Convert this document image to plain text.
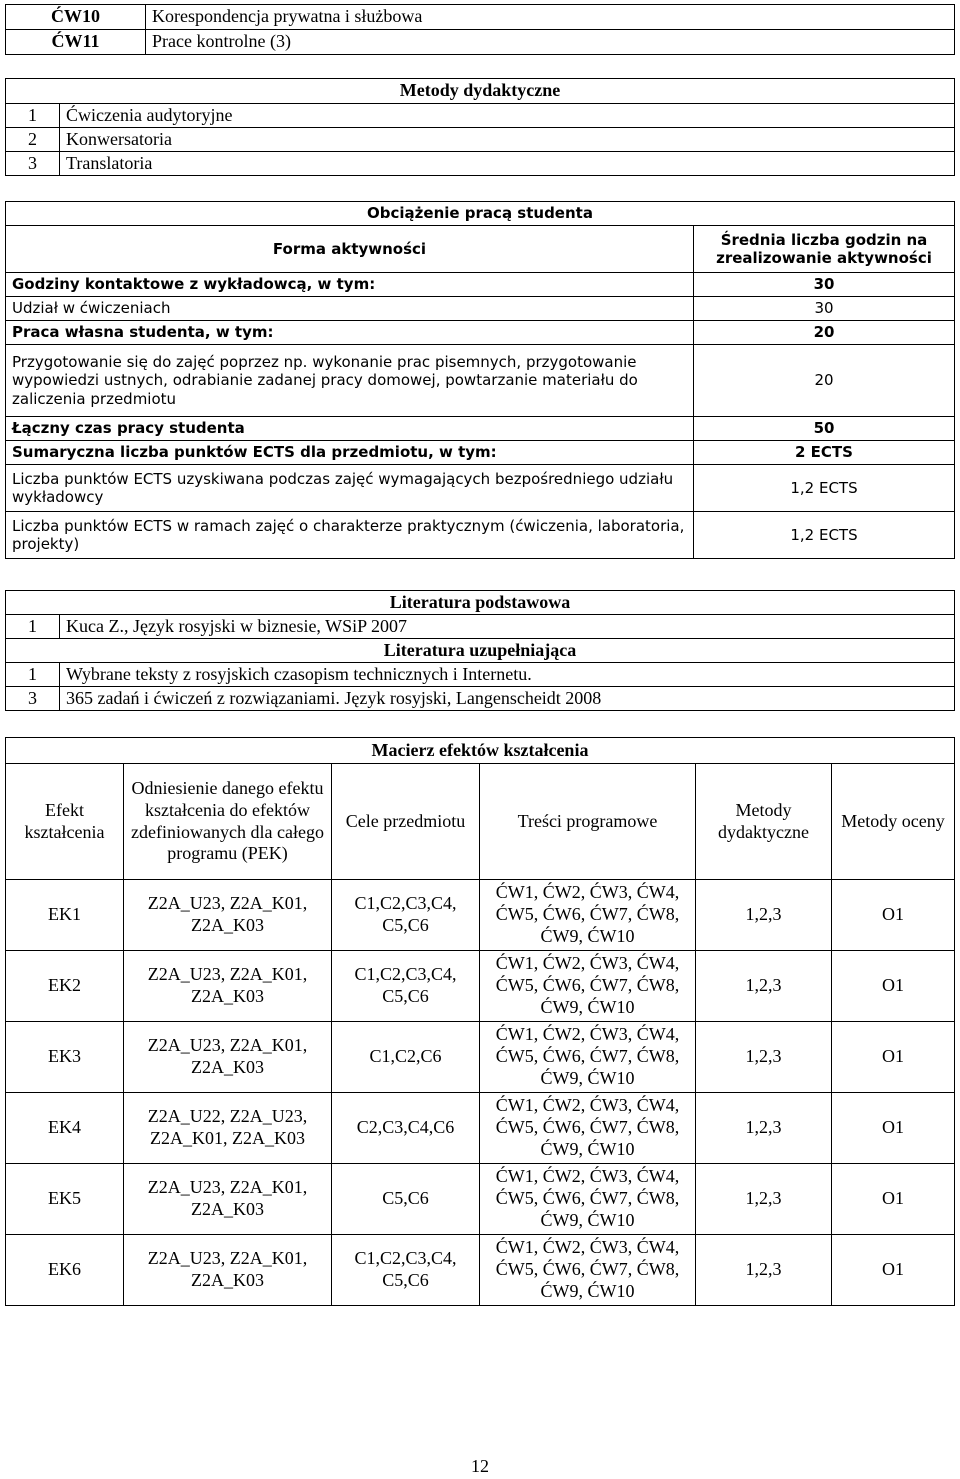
ĆW10	Korespondencja prywatna i służbowa
ĆW11	Prace kontrolne (3)
Metody dydaktyczne	
1	Ćwiczenia audytoryjne
2	Konwersatoria
3	Translatoria
Obciążenie pracą studenta	
Forma aktywności	Średnia liczba godzin na zrealizowanie aktywności
Godziny kontaktowe z wykładowcą, w tym:	30
Udział w ćwiczeniach	30
Praca własna studenta, w tym:	20
Przygotowanie się do zajęć poprzez np. wykonanie prac pisemnych, przygotowanie wypowiedzi ustnych, odrabianie zadanej pracy domowej, powtarzanie materiału do zaliczenia przedmiotu	20
Łączny czas pracy studenta	50
Sumaryczna liczba punktów ECTS dla przedmiotu, w tym:	2 ECTS
Liczba punktów ECTS uzyskiwana podczas zajęć wymagających bezpośredniego udziału wykładowcy	1,2 ECTS
Liczba punktów ECTS w ramach zajęć o charakterze praktycznym (ćwiczenia, laboratoria, projekty)	1,2 ECTS
Literatura podstawowa	
1	Kuca Z., Język rosyjski w biznesie, WSiP 2007
Literatura uzupełniająca	
1	Wybrane teksty z rosyjskich czasopism technicznych i Internetu.
3	365 zadań i ćwiczeń z rozwiązaniami. Język rosyjski, Langenscheidt 2008
Macierz efektów kształcenia					
Efekt kształcenia	Odniesienie danego efektu kształcenia do efektów zdefiniowanych dla całego programu (PEK)	Cele przedmiotu	Treści programowe	Metody dydaktyczne	Metody oceny
EK1	Z2A_U23, Z2A_K01, Z2A_K03	C1,C2,C3,C4, C5,C6	ĆW1, ĆW2, ĆW3, ĆW4, ĆW5, ĆW6, ĆW7, ĆW8, ĆW9, ĆW10	1,2,3	O1
EK2	Z2A_U23, Z2A_K01, Z2A_K03	C1,C2,C3,C4, C5,C6	ĆW1, ĆW2, ĆW3, ĆW4, ĆW5, ĆW6, ĆW7, ĆW8, ĆW9, ĆW10	1,2,3	O1
EK3	Z2A_U23, Z2A_K01, Z2A_K03	C1,C2,C6	ĆW1, ĆW2, ĆW3, ĆW4, ĆW5, ĆW6, ĆW7, ĆW8, ĆW9, ĆW10	1,2,3	O1
EK4	Z2A_U22, Z2A_U23, Z2A_K01, Z2A_K03	C2,C3,C4,C6	ĆW1, ĆW2, ĆW3, ĆW4, ĆW5, ĆW6, ĆW7, ĆW8, ĆW9, ĆW10	1,2,3	O1
EK5	Z2A_U23, Z2A_K01, Z2A_K03	C5,C6	ĆW1, ĆW2, ĆW3, ĆW4, ĆW5, ĆW6, ĆW7, ĆW8, ĆW9, ĆW10	1,2,3	O1
EK6	Z2A_U23, Z2A_K01, Z2A_K03	C1,C2,C3,C4, C5,C6	ĆW1, ĆW2, ĆW3, ĆW4, ĆW5, ĆW6, ĆW7, ĆW8, ĆW9, ĆW10	1,2,3	O1
12
